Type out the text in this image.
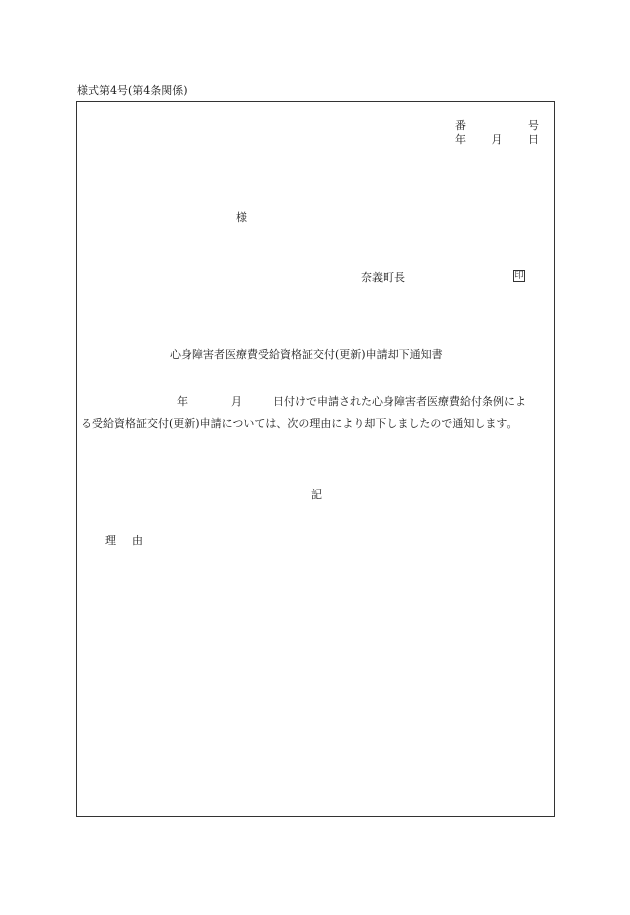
様式第4号(第4条関係)
番	号
年 月 日
様
奈義町長	印
心身障害者医療費受給資格証交付(更新)申請却下通知書
年	月	日付けで申請された心身障害者医療費給付条例によ
る受給資格証交付(更新)申請については、次の理由により却下しましたので通知します。
記
理由
